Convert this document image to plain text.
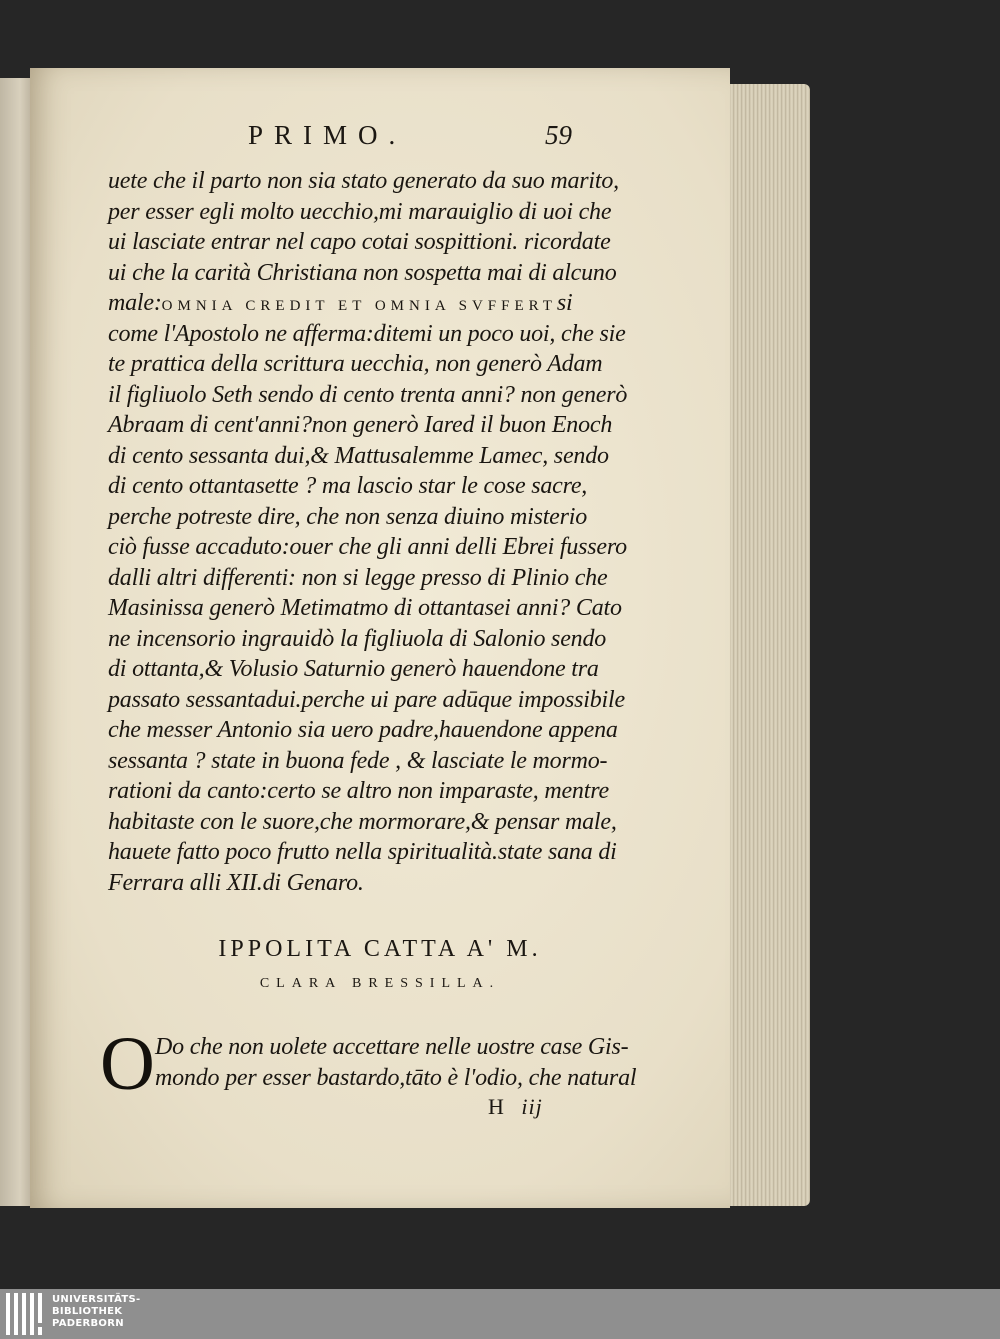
PRIMO.	59
uete che il parto non sia stato generato da suo marito,
per esser egli molto uecchio,mi marauiglio di uoi che
ui lasciate entrar nel capo cotai sospittioni. ricordate
ui che la carità Christiana non sospetta mai di alcuno
male:OMNIA CREDIT ET OMNIA SVFFERTsi
come l'Apostolo ne afferma:ditemi un poco uoi, che sie
te prattica della scrittura uecchia, non generò Adam
il figliuolo Seth sendo di cento trenta anni? non generò
Abraam di cent'anni?non generò Iared il buon Enoch
di cento sessanta dui,& Mattusalemme Lamec, sendo
di cento ottantasette ? ma lascio star le cose sacre,
perche potreste dire, che non senza diuino misterio
ciò fusse accaduto:ouer che gli anni delli Ebrei fussero
dalli altri differenti: non si legge presso di Plinio che
Masinissa generò Metimatmo di ottantasei anni? Cato
ne incensorio ingrauidò la figliuola di Salonio sendo
di ottanta,& Volusio Saturnio generò hauendone tra
passato sessantadui.perche ui pare adūque impossibile
che messer Antonio sia uero padre,hauendone appena
sessanta ? state in buona fede , & lasciate le mormo-
rationi da canto:certo se altro non imparaste, mentre
habitaste con le suore,che mormorare,& pensar male,
hauete fatto poco frutto nella spiritualità.state sana di
Ferrara alli XII.di Genaro.
IPPOLITA CATTA A' M.
CLARA BRESSILLA.
O Do che non uolete accettare nelle uostre case Gis-
mondo per esser bastardo,tāto è l'odio, che natural
H iij
UNIVERSITÄTS-
BIBLIOTHEK
PADERBORN
